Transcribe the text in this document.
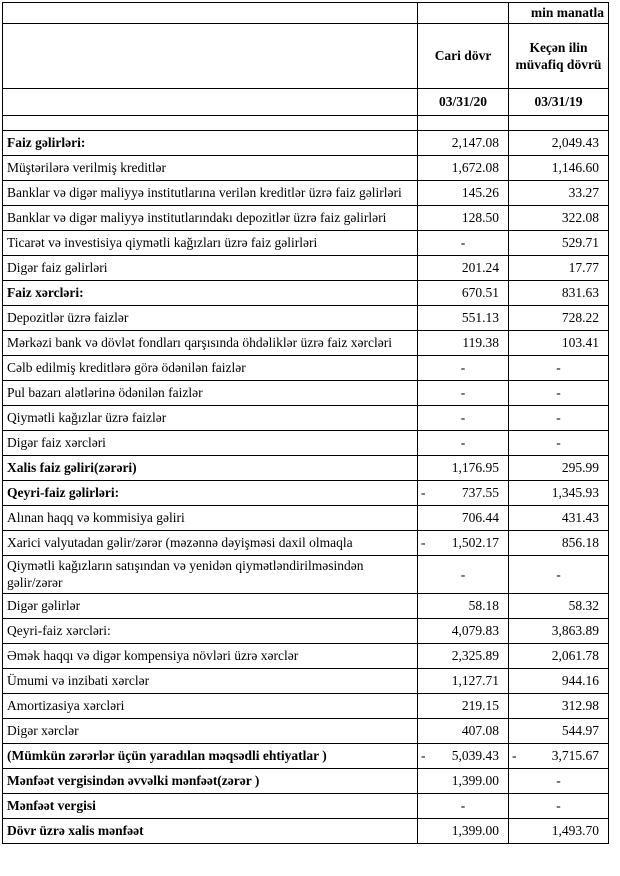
		min manatla
	Cari dövr	Keçən ilin müvafiq dövrü
	03/31/20	03/31/19

Faiz gəlirləri:	2,147.08	2,049.43
Müştərilərə verilmiş kreditlər	1,672.08	1,146.60
Banklar və digər maliyyə institutlarına verilən kreditlər üzrə faiz gəlirləri	145.26	33.27
Banklar və digər maliyyə institutlarındakı depozitlər üzrə faiz gəlirləri	128.50	322.08
Ticarət və investisiya qiymətli kağızları üzrə faiz gəlirləri	-	529.71
Digər faiz gəlirləri	201.24	17.77
Faiz xərcləri:	670.51	831.63
Depozitlər üzrə faizlər	551.13	728.22
Mərkəzi bank və dövlət fondları qarşısında öhdəliklər üzrə faiz xərcləri	119.38	103.41
Cəlb edilmiş kreditlərə görə ödənilən faizlər	-	-
Pul bazarı alətlərinə ödənilən faizlər	-	-
Qiymətli kağızlar üzrə faizlər	-	-
Digər faiz xərcləri	-	-
Xalis faiz gəliri(zərəri)	1,176.95	295.99
Qeyri-faiz gəlirləri:	- 737.55	1,345.93
Alınan haqq və kommisiya gəliri	706.44	431.43
Xarici valyutadan gəlir/zərər (məzənnə dəyişməsi daxil olmaqla	- 1,502.17	856.18
Qiymətli kağızların satışından və yenidən qiymətləndirilməsindən gəlir/zərər	-	-
Digər gəlirlər	58.18	58.32
Qeyri-faiz xərcləri:	4,079.83	3,863.89
Əmək haqqı və digər kompensiya növləri üzrə xərclər	2,325.89	2,061.78
Ümumi və inzibati xərclər	1,127.71	944.16
Amortizasiya xərcləri	219.15	312.98
Digər xərclər	407.08	544.97
(Mümkün zərərlər üçün yaradılan məqsədli ehtiyatlar )	- 5,039.43	- 3,715.67
Mənfəət vergisindən əvvəlki mənfəət(zərər )	1,399.00	-
Mənfəət vergisi	-	-
Dövr üzrə xalis mənfəət	1,399.00	1,493.70
